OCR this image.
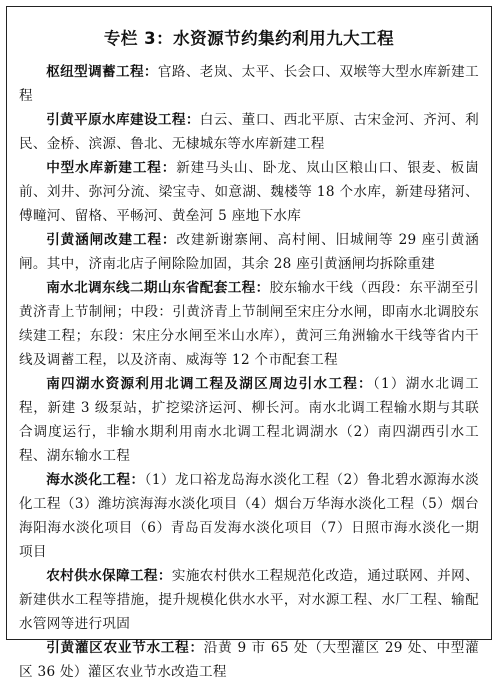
专栏 3：水资源节约集约利用九大工程

枢纽型调蓄工程：官路、老岚、太平、长会口、双堠等大型水库新建工程

引黄平原水库建设工程：白云、董口、西北平原、古宋金河、齐河、利民、金桥、滨源、鲁北、无棣城东等水库新建工程

中型水库新建工程：新建马头山、卧龙、岚山区粮山口、银麦、板崮前、刘井、弥河分流、梁宝寺、如意湖、魏楼等 18 个水库，新建母猪河、傅疃河、留格、平畅河、黄垒河 5 座地下水库

引黄涵闸改建工程：改建新谢寨闸、高村闸、旧城闸等 29 座引黄涵闸。其中，济南北店子闸除险加固，其余 28 座引黄涵闸均拆除重建

南水北调东线二期山东省配套工程：胶东输水干线（西段：东平湖至引黄济青上节制闸；中段：引黄济青上节制闸至宋庄分水闸，即南水北调胶东续建工程；东段：宋庄分水闸至米山水库），黄河三角洲输水干线等省内干线及调蓄工程，以及济南、威海等 12 个市配套工程

南四湖水资源利用北调工程及湖区周边引水工程：（1）湖水北调工程，新建 3 级泵站，扩挖梁济运河、柳长河。南水北调工程输水期与其联合调度运行，非输水期利用南水北调工程北调湖水（2）南四湖西引水工程、湖东输水工程

海水淡化工程：（1）龙口裕龙岛海水淡化工程（2）鲁北碧水源海水淡化工程（3）潍坊滨海海水淡化项目（4）烟台万华海水淡化工程（5）烟台海阳海水淡化项目（6）青岛百发海水淡化项目（7）日照市海水淡化一期项目

农村供水保障工程：实施农村供水工程规范化改造，通过联网、并网、新建供水工程等措施，提升规模化供水水平，对水源工程、水厂工程、输配水管网等进行巩固

引黄灌区农业节水工程：沿黄 9 市 65 处（大型灌区 29 处、中型灌区 36 处）灌区农业节水改造工程
